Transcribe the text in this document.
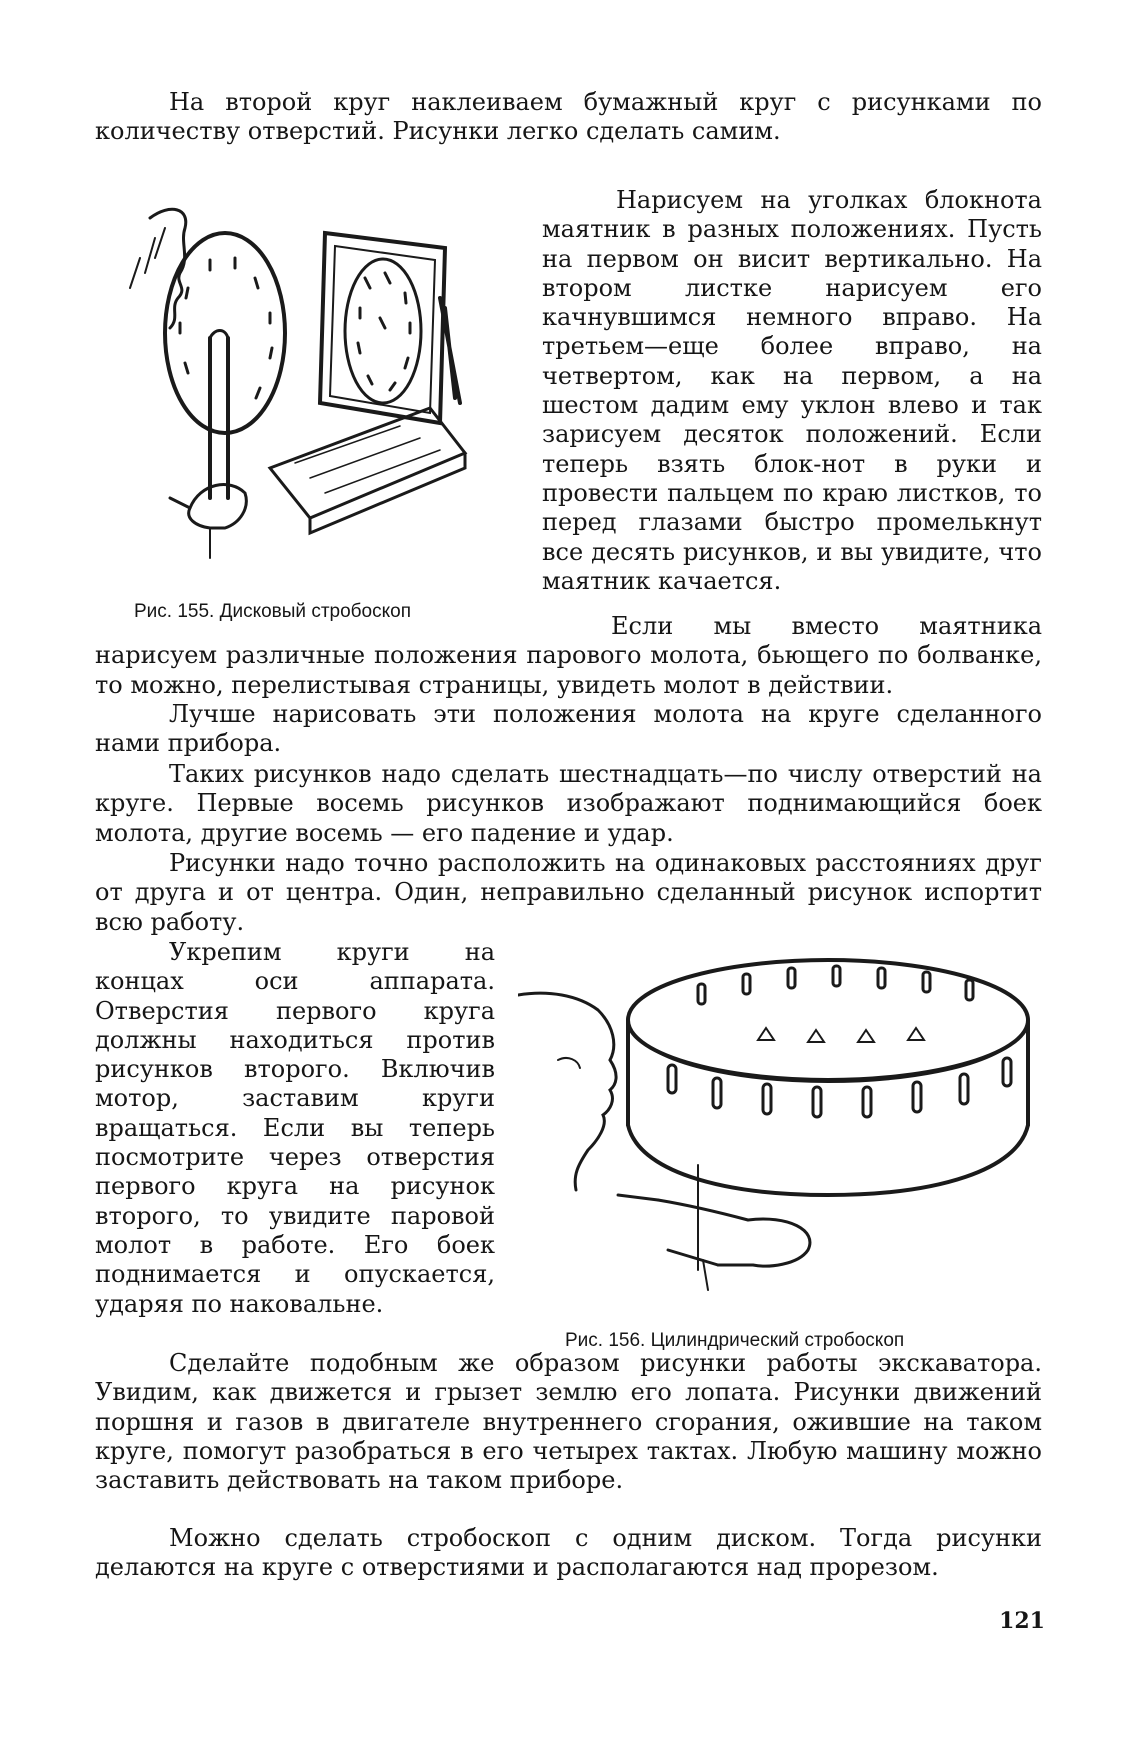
На второй круг наклеиваем бумажный круг с рисунками по количеству отверстий. Рисунки легко сделать самим.

Нарисуем на уголках блокнота маятник в разных положениях. Пусть на первом он висит вертикально. На втором листке нарисуем его качнувшимся немного вправо. На третьем—еще более вправо, на четвертом, как на первом, а на шестом дадим ему уклон влево и так зарисуем десяток положений. Если теперь взять блок-нот в руки и провести пальцем по краю листков, то перед глазами быстро промелькнут все десять рисунков, и вы увидите, что маятник качается.

Рис. 155. Дисковый стробоскоп

Если мы вместо маятника нарисуем различные положения парового молота, бьющего по болванке, то можно, перелистывая страницы, увидеть молот в действии.

Лучше нарисовать эти положения молота на круге сделанного нами прибора.

Таких рисунков надо сделать шестнадцать—по числу отверстий на круге. Первые восемь рисунков изображают поднимающийся боек молота, другие восемь — его падение и удар.

Рисунки надо точно расположить на одинаковых расстояниях друг от друга и от центра. Один, неправильно сделанный рисунок испортит всю работу.

Укрепим круги на концах оси аппарата. Отверстия первого круга должны находиться против рисунков второго. Включив мотор, заставим круги вращаться. Если вы теперь посмотрите через отверстия первого круга на рисунок второго, то увидите паровой молот в работе. Его боек поднимается и опускается, ударяя по наковальне.

Рис. 156. Цилиндрический стробоскоп

Сделайте подобным же образом рисунки работы экскаватора. Увидим, как движется и грызет землю его лопата. Рисунки движений поршня и газов в двигателе внутреннего сгорания, ожившие на таком круге, помогут разобраться в его четырех тактах. Любую машину можно заставить действовать на таком приборе.

Можно сделать стробоскоп с одним диском. Тогда рисунки делаются на круге с отверстиями и располагаются над прорезом.

121
